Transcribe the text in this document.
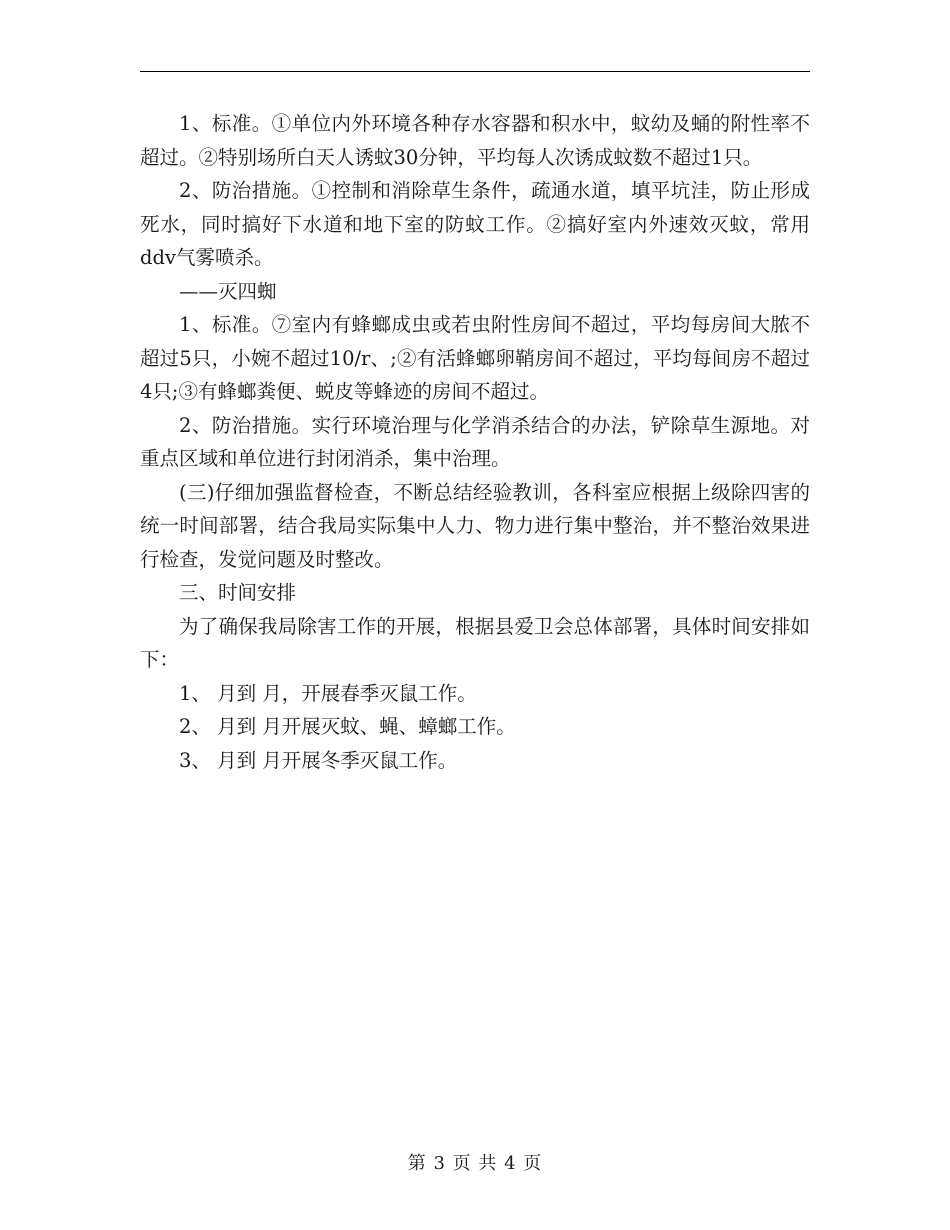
1、标准。①单位内外环境各种存水容器和积水中，蚊幼及蛹的附性率不超过。②特别场所白天人诱蚊30分钟，平均每人次诱成蚊数不超过1只。

2、防治措施。①控制和消除草生条件，疏通水道，填平坑洼，防止形成死水，同时搞好下水道和地下室的防蚊工作。②搞好室内外速效灭蚊，常用ddv气雾喷杀。

——灭四蜘

1、标准。⑦室内有蜂螂成虫或若虫附性房间不超过，平均每房间大脓不超过5只，小婉不超过10/r、;②有活蜂螂卵鞘房间不超过，平均每间房不超过4只;③有蜂螂粪便、蜕皮等蜂迹的房间不超过。

2、防治措施。实行环境治理与化学消杀结合的办法，铲除草生源地。对重点区域和单位进行封闭消杀，集中治理。

(三)仔细加强监督检查，不断总结经验教训，各科室应根据上级除四害的统一时间部署，结合我局实际集中人力、物力进行集中整治，并不整治效果进行检查，发觉问题及时整改。

三、时间安排

为了确保我局除害工作的开展，根据县爱卫会总体部署，具体时间安排如下：

1、 月到 月，开展春季灭鼠工作。

2、 月到 月开展灭蚊、蝇、蟑螂工作。

3、 月到 月开展冬季灭鼠工作。

第 3 页 共 4 页
